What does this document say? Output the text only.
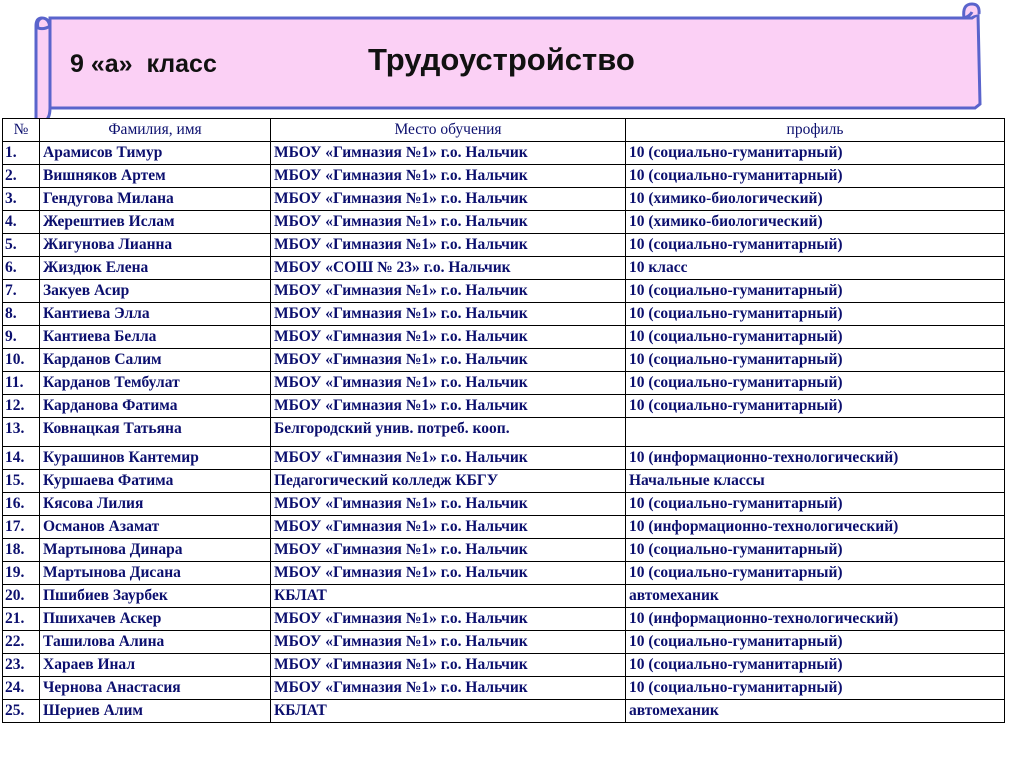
9 «а»  класс	Трудоустройство
№	Фамилия, имя	Место обучения	профиль
1.	Арамисов Тимур	МБОУ «Гимназия №1» г.о. Нальчик	10 (социально-гуманитарный)
2.	Вишняков Артем	МБОУ «Гимназия №1» г.о. Нальчик	10 (социально-гуманитарный)
3.	Гендугова Милана	МБОУ «Гимназия №1» г.о. Нальчик	10 (химико-биологический)
4.	Жерештиев Ислам	МБОУ «Гимназия №1» г.о. Нальчик	10 (химико-биологический)
5.	Жигунова Лианна	МБОУ «Гимназия №1» г.о. Нальчик	10 (социально-гуманитарный)
6.	Жиздюк Елена	МБОУ «СОШ № 23» г.о. Нальчик	10 класс
7.	Закуев Асир	МБОУ «Гимназия №1» г.о. Нальчик	10 (социально-гуманитарный)
8.	Кантиева Элла	МБОУ «Гимназия №1» г.о. Нальчик	10 (социально-гуманитарный)
9.	Кантиева Белла	МБОУ «Гимназия №1» г.о. Нальчик	10 (социально-гуманитарный)
10.	Карданов Салим	МБОУ «Гимназия №1» г.о. Нальчик	10 (социально-гуманитарный)
11.	Карданов Тембулат	МБОУ «Гимназия №1» г.о. Нальчик	10 (социально-гуманитарный)
12.	Карданова Фатима	МБОУ «Гимназия №1» г.о. Нальчик	10 (социально-гуманитарный)
13.	Ковнацкая Татьяна	Белгородский унив. потреб. кооп.	
14.	Курашинов Кантемир	МБОУ «Гимназия №1» г.о. Нальчик	10 (информационно-технологический)
15.	Куршаева Фатима	Педагогический колледж КБГУ	Начальные классы
16.	Кясова Лилия	МБОУ «Гимназия №1» г.о. Нальчик	10 (социально-гуманитарный)
17.	Османов Азамат	МБОУ «Гимназия №1» г.о. Нальчик	10 (информационно-технологический)
18.	Мартынова Динара	МБОУ «Гимназия №1» г.о. Нальчик	10 (социально-гуманитарный)
19.	Мартынова Дисана	МБОУ «Гимназия №1» г.о. Нальчик	10 (социально-гуманитарный)
20.	Пшибиев Заурбек	КБЛАТ	автомеханик
21.	Пшихачев Аскер	МБОУ «Гимназия №1» г.о. Нальчик	10 (информационно-технологический)
22.	Ташилова Алина	МБОУ «Гимназия №1» г.о. Нальчик	10 (социально-гуманитарный)
23.	Хараев Инал	МБОУ «Гимназия №1» г.о. Нальчик	10 (социально-гуманитарный)
24.	Чернова Анастасия	МБОУ «Гимназия №1» г.о. Нальчик	10 (социально-гуманитарный)
25.	Шериев Алим	КБЛАТ	автомеханик
